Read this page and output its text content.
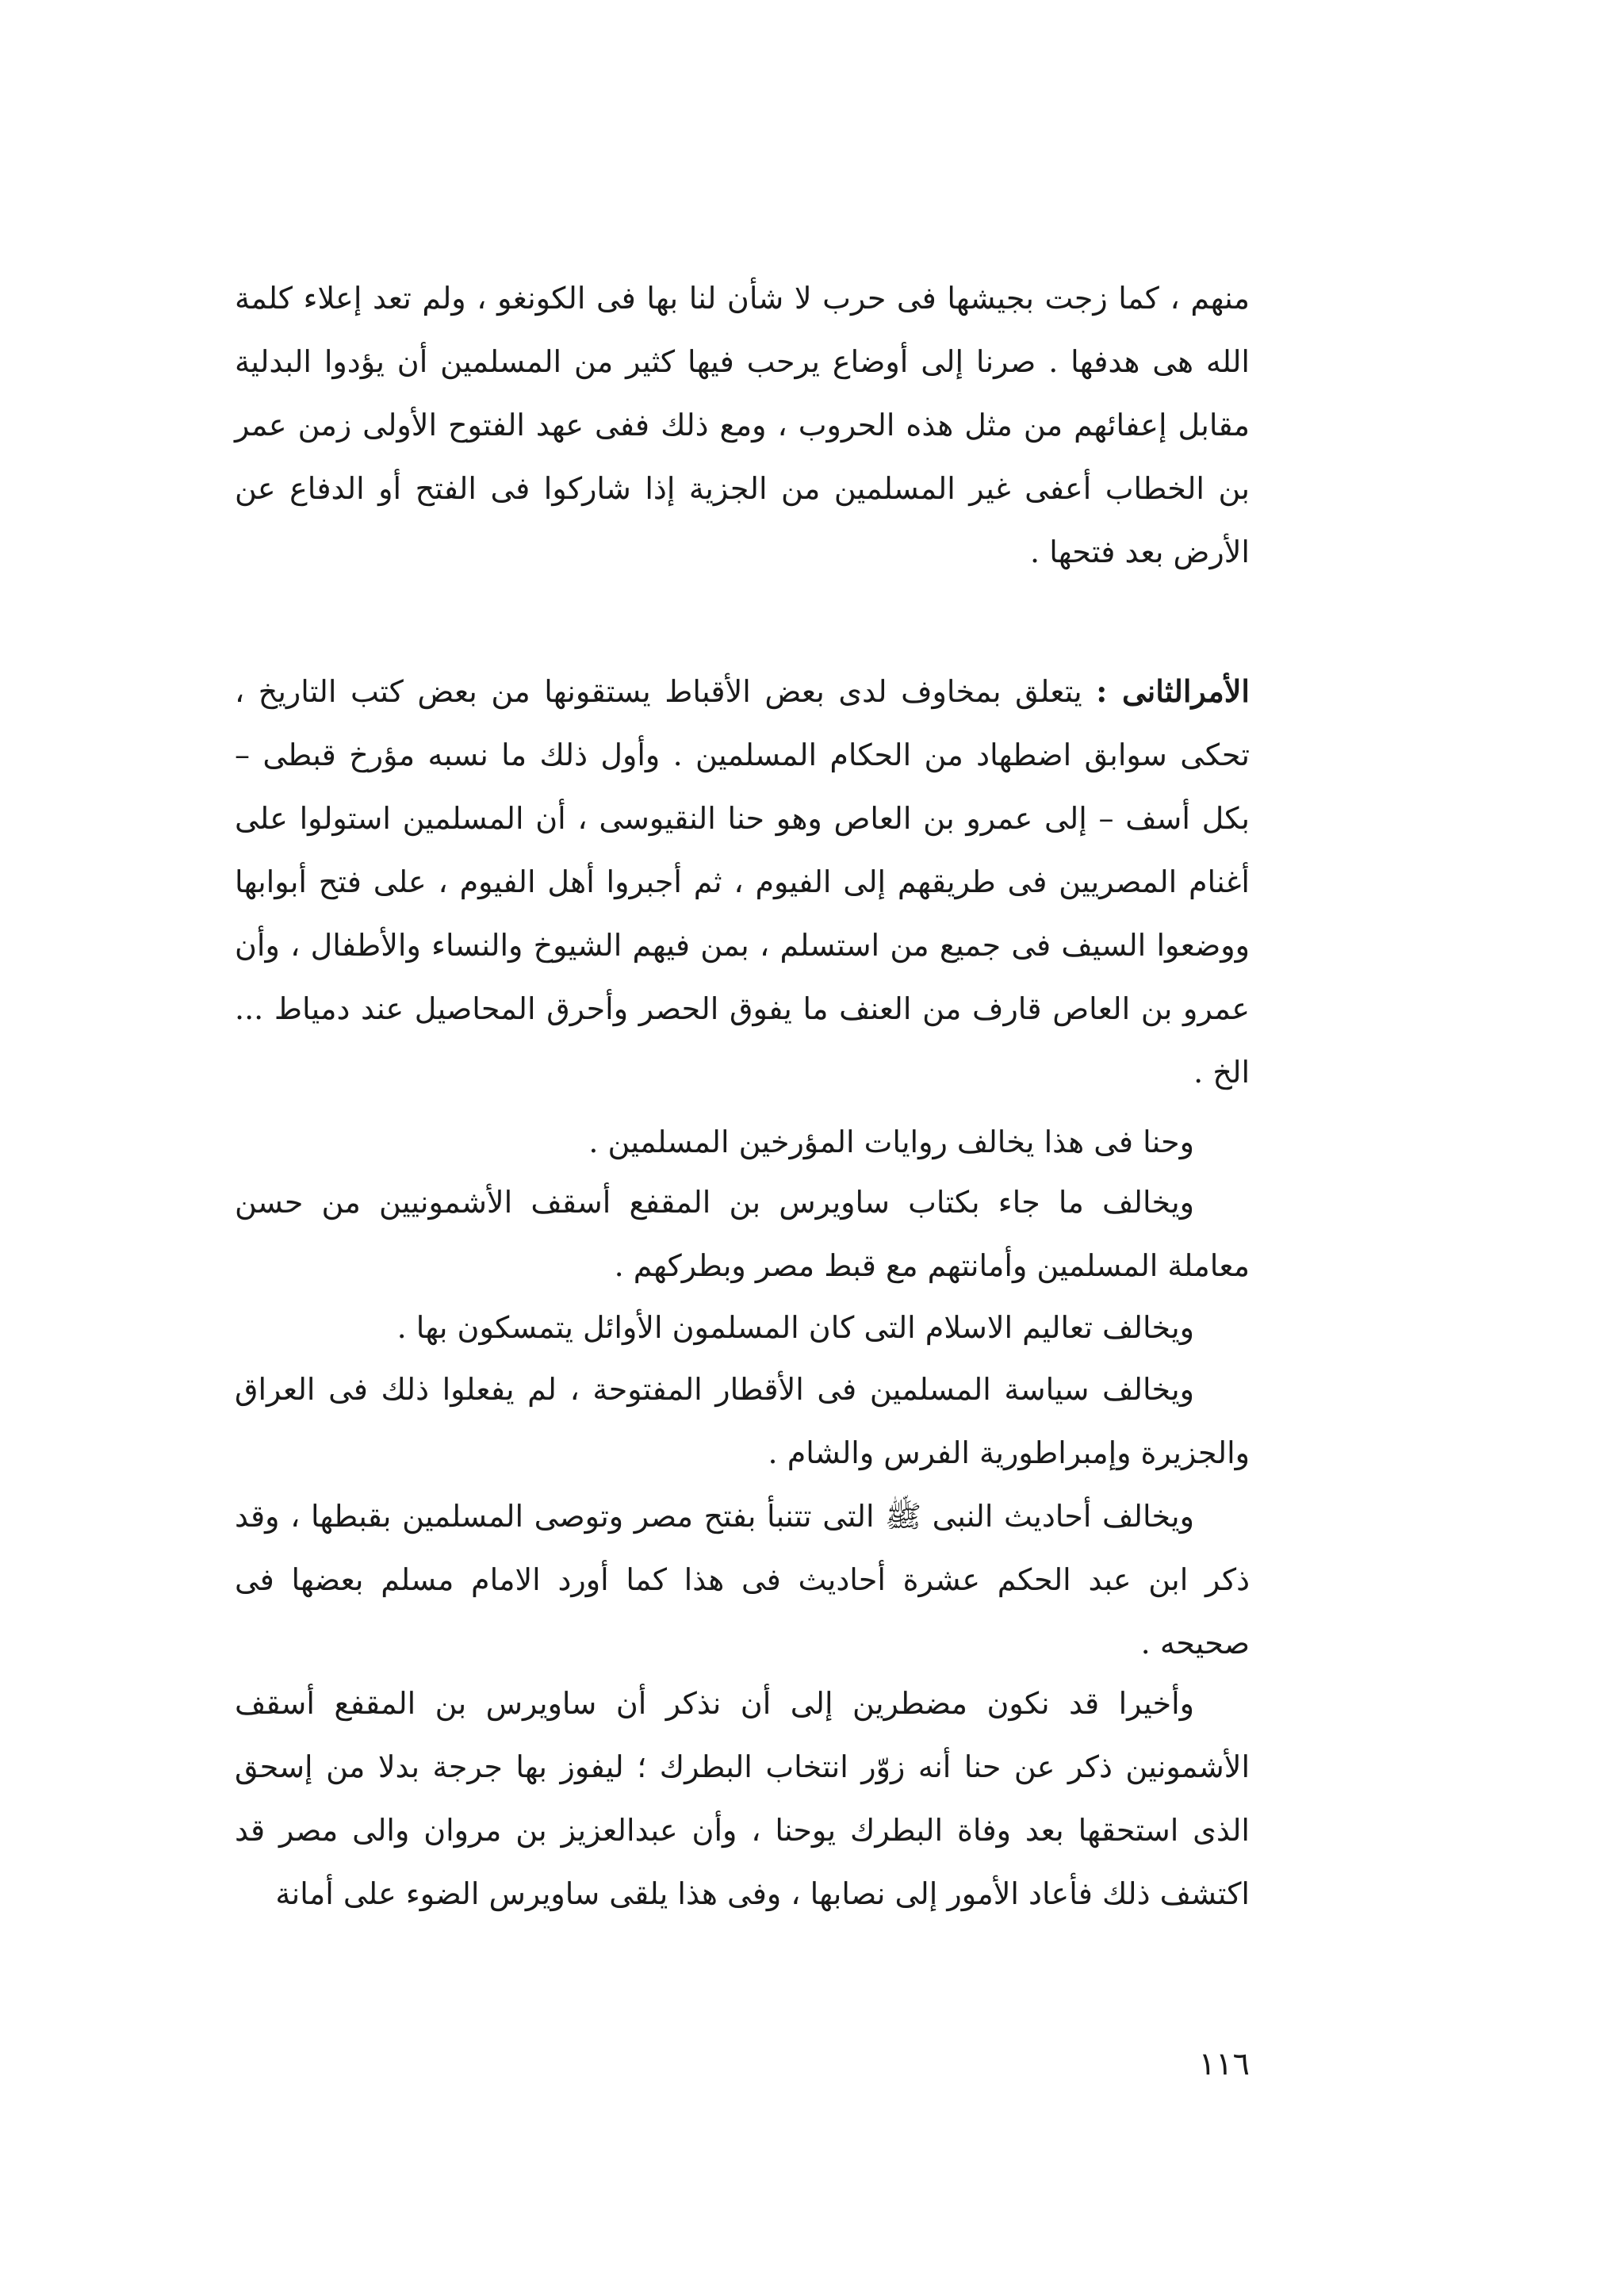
منهم ، كما زجت بجيشها فى حرب لا شأن لنا بها فى الكونغو ، ولم تعد إعلاء كلمة الله هى هدفها . صرنا إلى أوضاع يرحب فيها كثير من المسلمين أن يؤدوا البدلية مقابل إعفائهم من مثل هذه الحروب ، ومع ذلك ففى عهد الفتوح الأولى زمن عمر بن الخطاب أعفى غير المسلمين من الجزية إذا شاركوا فى الفتح أو الدفاع عن الأرض بعد فتحها .

الأمرالثانى : يتعلق بمخاوف لدى بعض الأقباط يستقونها من بعض كتب التاريخ ، تحكى سوابق اضطهاد من الحكام المسلمين . وأول ذلك ما نسبه مؤرخ قبطى – بكل أسف – إلى عمرو بن العاص وهو حنا النقيوسى ، أن المسلمين استولوا على أغنام المصريين فى طريقهم إلى الفيوم ، ثم أجبروا أهل الفيوم ، على فتح أبوابها ووضعوا السيف فى جميع من استسلم ، بمن فيهم الشيوخ والنساء والأطفال ، وأن عمرو بن العاص قارف من العنف ما يفوق الحصر وأحرق المحاصيل عند دمياط ... الخ .

وحنا فى هذا يخالف روايات المؤرخين المسلمين .

ويخالف ما جاء بكتاب ساويرس بن المقفع أسقف الأشمونيين من حسن معاملة المسلمين وأمانتهم مع قبط مصر وبطركهم .

ويخالف تعاليم الاسلام التى كان المسلمون الأوائل يتمسكون بها .

ويخالف سياسة المسلمين فى الأقطار المفتوحة ، لم يفعلوا ذلك فى العراق والجزيرة وإمبراطورية الفرس والشام .

ويخالف أحاديث النبى ﷺ التى تتنبأ بفتح مصر وتوصى المسلمين بقبطها ، وقد ذكر ابن عبد الحكم عشرة أحاديث فى هذا كما أورد الامام مسلم بعضها فى صحيحه .

وأخيرا قد نكون مضطرين إلى أن نذكر أن ساويرس بن المقفع أسقف الأشمونين ذكر عن حنا أنه زوّر انتخاب البطرك ؛ ليفوز بها جرجة بدلا من إسحق الذى استحقها بعد وفاة البطرك يوحنا ، وأن عبدالعزيز بن مروان والى مصر قد اكتشف ذلك فأعاد الأمور إلى نصابها ، وفى هذا يلقى ساويرس الضوء على أمانة

١١٦
